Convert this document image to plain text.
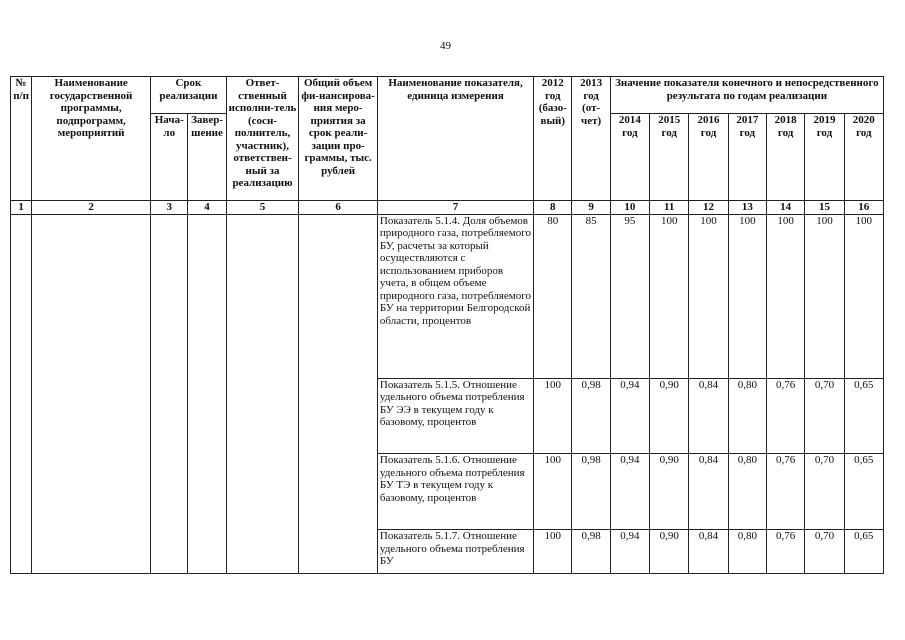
49
№ п/п	Наименование государственной программы, подпрограмм, мероприятий	Срок реализации		Ответ-ственный исполни-тель (сосн-полнитель, участник), ответствен-ный за реализацию	Общий объем фи-нансирова-ния меро-приятия за срок реали-зации про-граммы, тыс. рублей	Наименование показателя, единица измерения	2012 год (базо-вый)	2013 год (от-чет)	Значение показателя конечного и непосредственного результата по годам реализации						
									2014 год	2015 год	2016 год	2017 год	2018 год	2019 год	2020 год
		Нача-ло	Завер-шение												
1	2	3	4	5	6	7	8	9	10	11	12	13	14	15	16
						Показатель 5.1.4. Доля объемов природного газа, потребляемого БУ, расчеты за который осуществляются с использованием приборов учета, в общем объеме природного газа, потребляемого БУ на территории Белгородской области, процентов	80	85	95	100	100	100	100	100	100
						Показатель 5.1.5. Отношение удельного объема потребления БУ ЭЭ в текущем году к базовому, процентов	100	0,98	0,94	0,90	0,84	0,80	0,76	0,70	0,65
						Показатель 5.1.6. Отношение удельного объема потребления БУ ТЭ в текущем году к базовому, процентов	100	0,98	0,94	0,90	0,84	0,80	0,76	0,70	0,65
						Показатель 5.1.7. Отношение удельного объема потребления БУ	100	0,98	0,94	0,90	0,84	0,80	0,76	0,70	0,65
